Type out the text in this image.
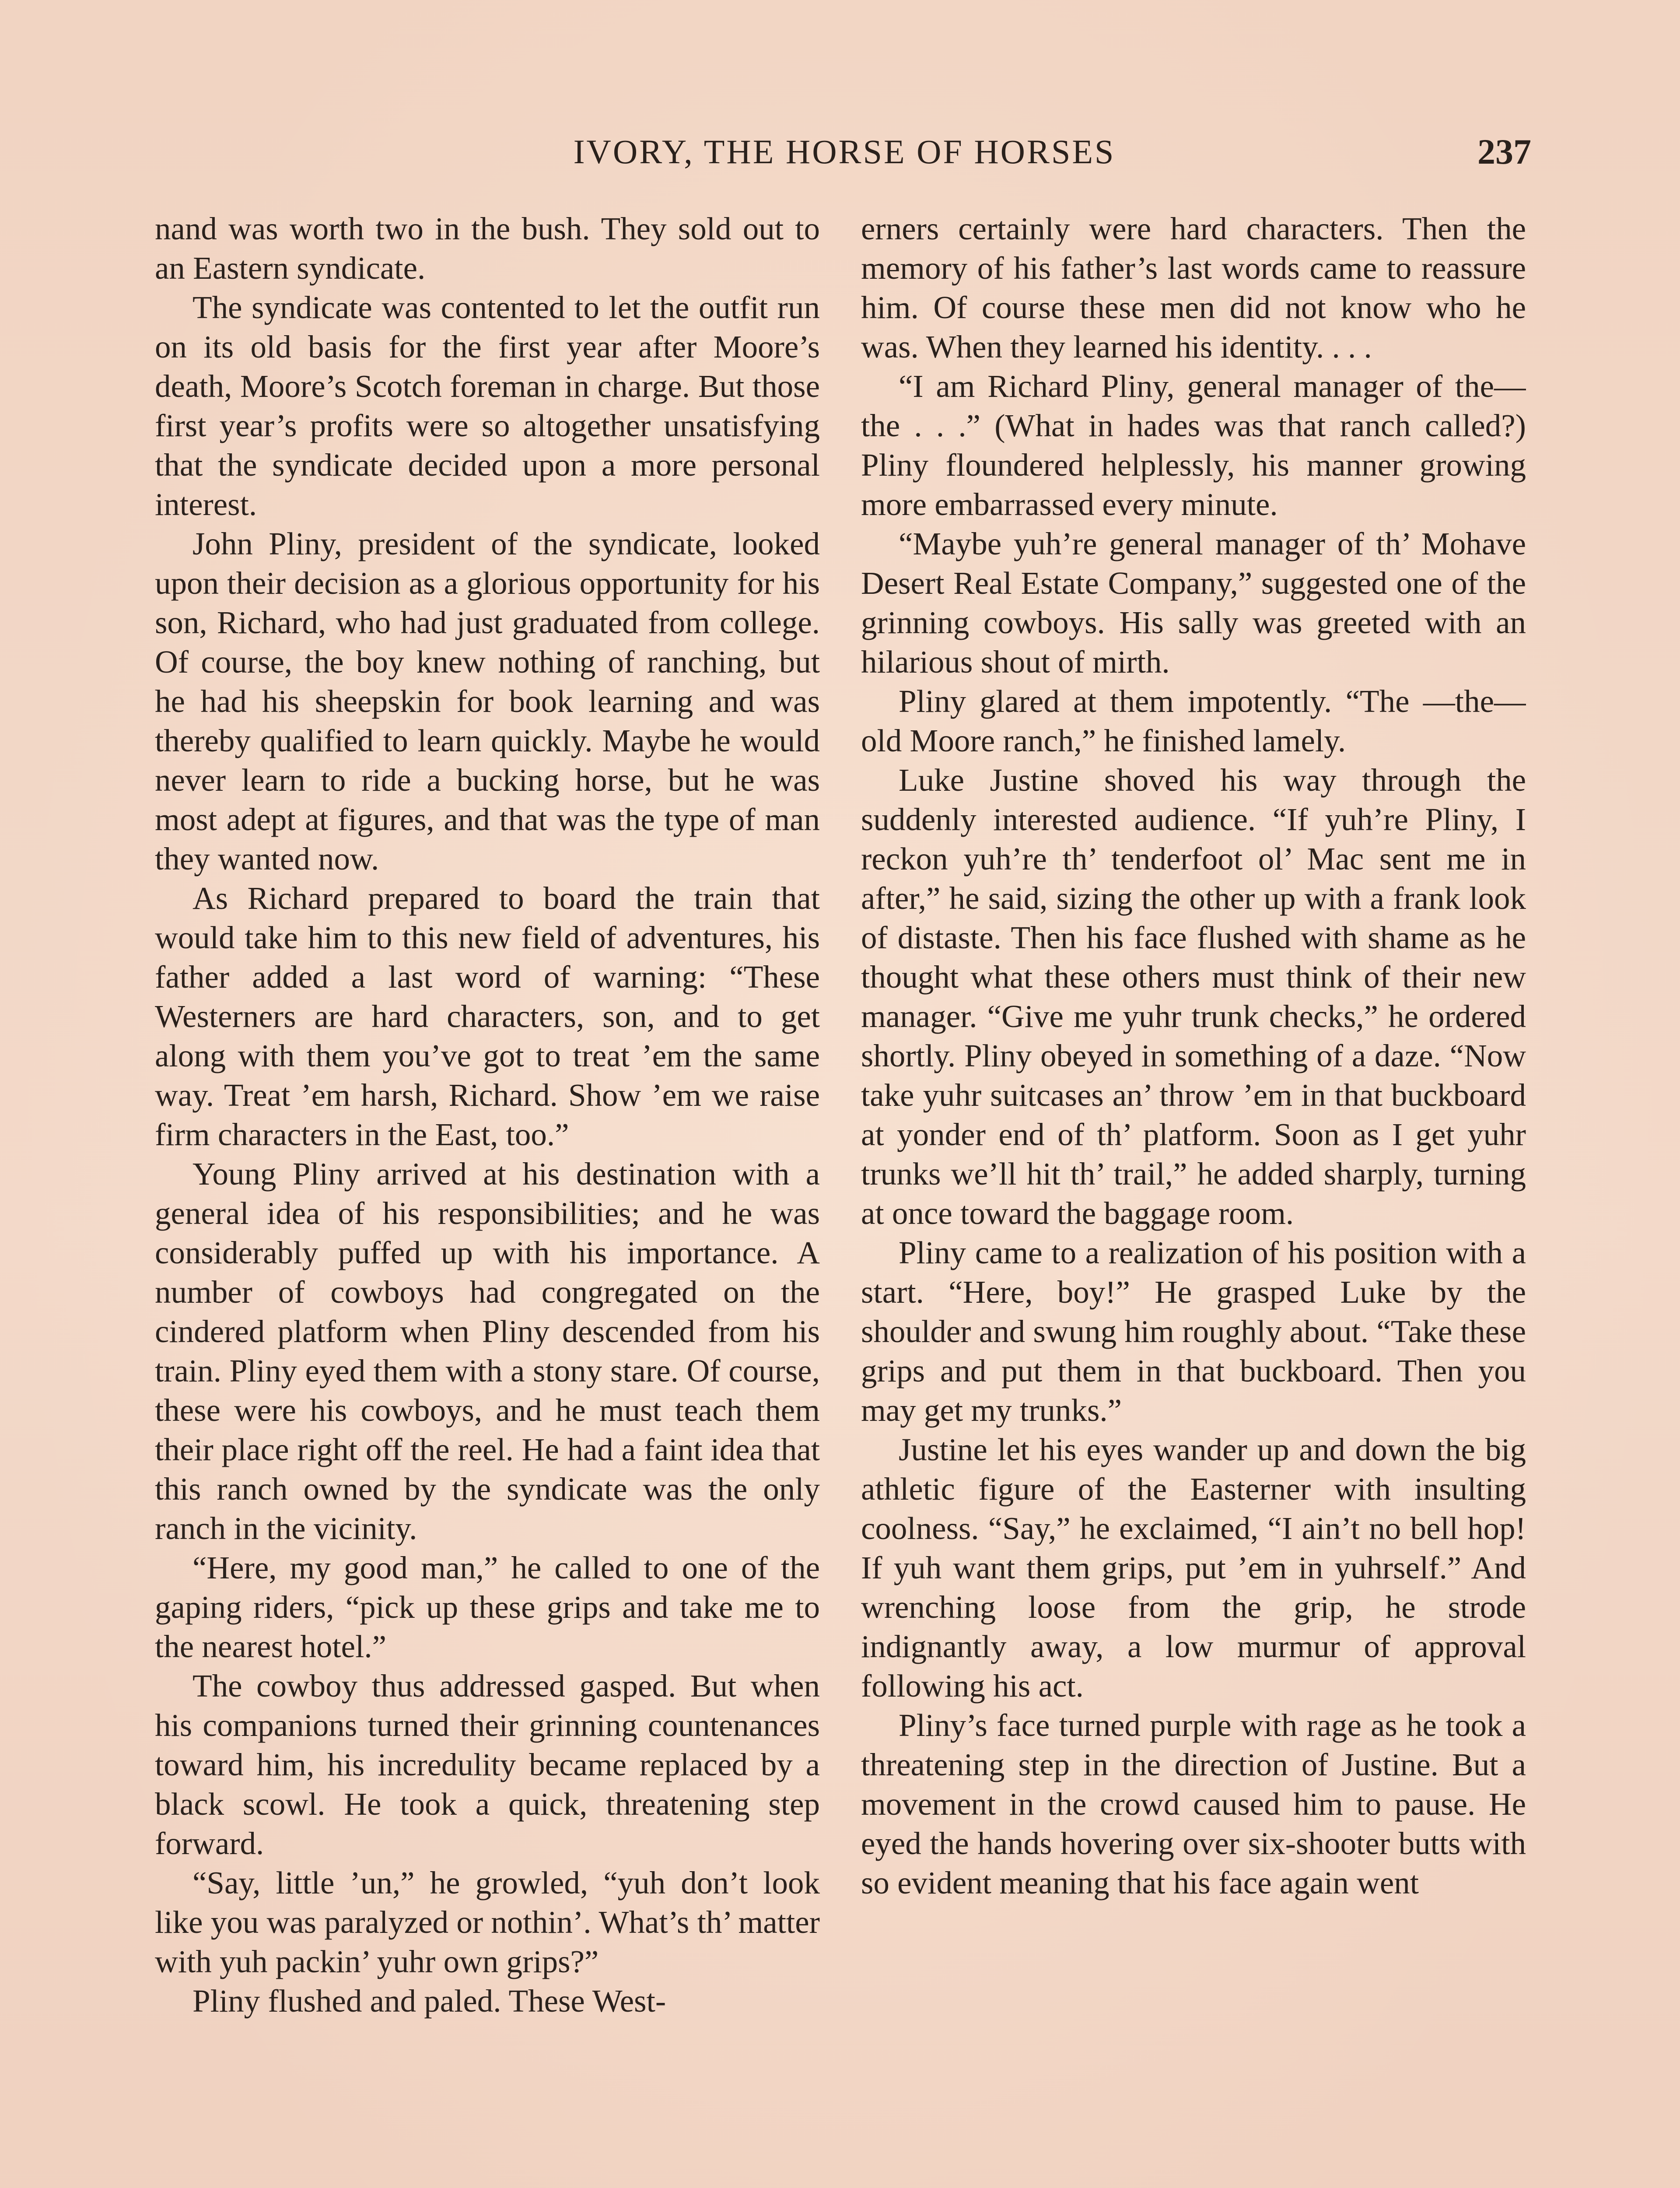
IVORY, THE HORSE OF HORSES	237

nand was worth two in the bush. They sold out to an Eastern syndicate.

The syndicate was contented to let the outfit run on its old basis for the first year after Moore’s death, Moore’s Scotch foreman in charge. But those first year’s profits were so altogether unsatisfying that the syndicate decided upon a more personal interest.

John Pliny, president of the syndicate, looked upon their decision as a glorious opportunity for his son, Richard, who had just graduated from college. Of course, the boy knew nothing of ranching, but he had his sheepskin for book learning and was thereby qualified to learn quickly. Maybe he would never learn to ride a bucking horse, but he was most adept at figures, and that was the type of man they wanted now.

As Richard prepared to board the train that would take him to this new field of adventures, his father added a last word of warning: “These Westerners are hard characters, son, and to get along with them you’ve got to treat ’em the same way. Treat ’em harsh, Richard. Show ’em we raise firm characters in the East, too.”

Young Pliny arrived at his destination with a general idea of his responsibilities; and he was considerably puffed up with his importance. A number of cowboys had congregated on the cindered platform when Pliny descended from his train. Pliny eyed them with a stony stare. Of course, these were his cowboys, and he must teach them their place right off the reel. He had a faint idea that this ranch owned by the syndicate was the only ranch in the vicinity.

“Here, my good man,” he called to one of the gaping riders, “pick up these grips and take me to the nearest hotel.”

The cowboy thus addressed gasped. But when his companions turned their grinning countenances toward him, his incredulity became replaced by a black scowl. He took a quick, threatening step forward.

“Say, little ’un,” he growled, “yuh don’t look like you was paralyzed or nothin’. What’s th’ matter with yuh packin’ yuhr own grips?”

Pliny flushed and paled. These West-

erners certainly were hard characters. Then the memory of his father’s last words came to reassure him. Of course these men did not know who he was. When they learned his identity. . . .

“I am Richard Pliny, general manager of the—the . . .” (What in hades was that ranch called?) Pliny floundered helplessly, his manner growing more embarrassed every minute.

“Maybe yuh’re general manager of th’ Mohave Desert Real Estate Company,” suggested one of the grinning cowboys. His sally was greeted with an hilarious shout of mirth.

Pliny glared at them impotently. “The —the—old Moore ranch,” he finished lamely.

Luke Justine shoved his way through the suddenly interested audience. “If yuh’re Pliny, I reckon yuh’re th’ tenderfoot ol’ Mac sent me in after,” he said, sizing the other up with a frank look of distaste. Then his face flushed with shame as he thought what these others must think of their new manager. “Give me yuhr trunk checks,” he ordered shortly. Pliny obeyed in something of a daze. “Now take yuhr suitcases an’ throw ’em in that buckboard at yonder end of th’ platform. Soon as I get yuhr trunks we’ll hit th’ trail,” he added sharply, turning at once toward the baggage room.

Pliny came to a realization of his position with a start. “Here, boy!” He grasped Luke by the shoulder and swung him roughly about. “Take these grips and put them in that buckboard. Then you may get my trunks.”

Justine let his eyes wander up and down the big athletic figure of the Easterner with insulting coolness. “Say,” he exclaimed, “I ain’t no bell hop! If yuh want them grips, put ’em in yuhrself.” And wrenching loose from the grip, he strode indignantly away, a low murmur of approval following his act.

Pliny’s face turned purple with rage as he took a threatening step in the direction of Justine. But a movement in the crowd caused him to pause. He eyed the hands hovering over six-shooter butts with so evident meaning that his face again went
